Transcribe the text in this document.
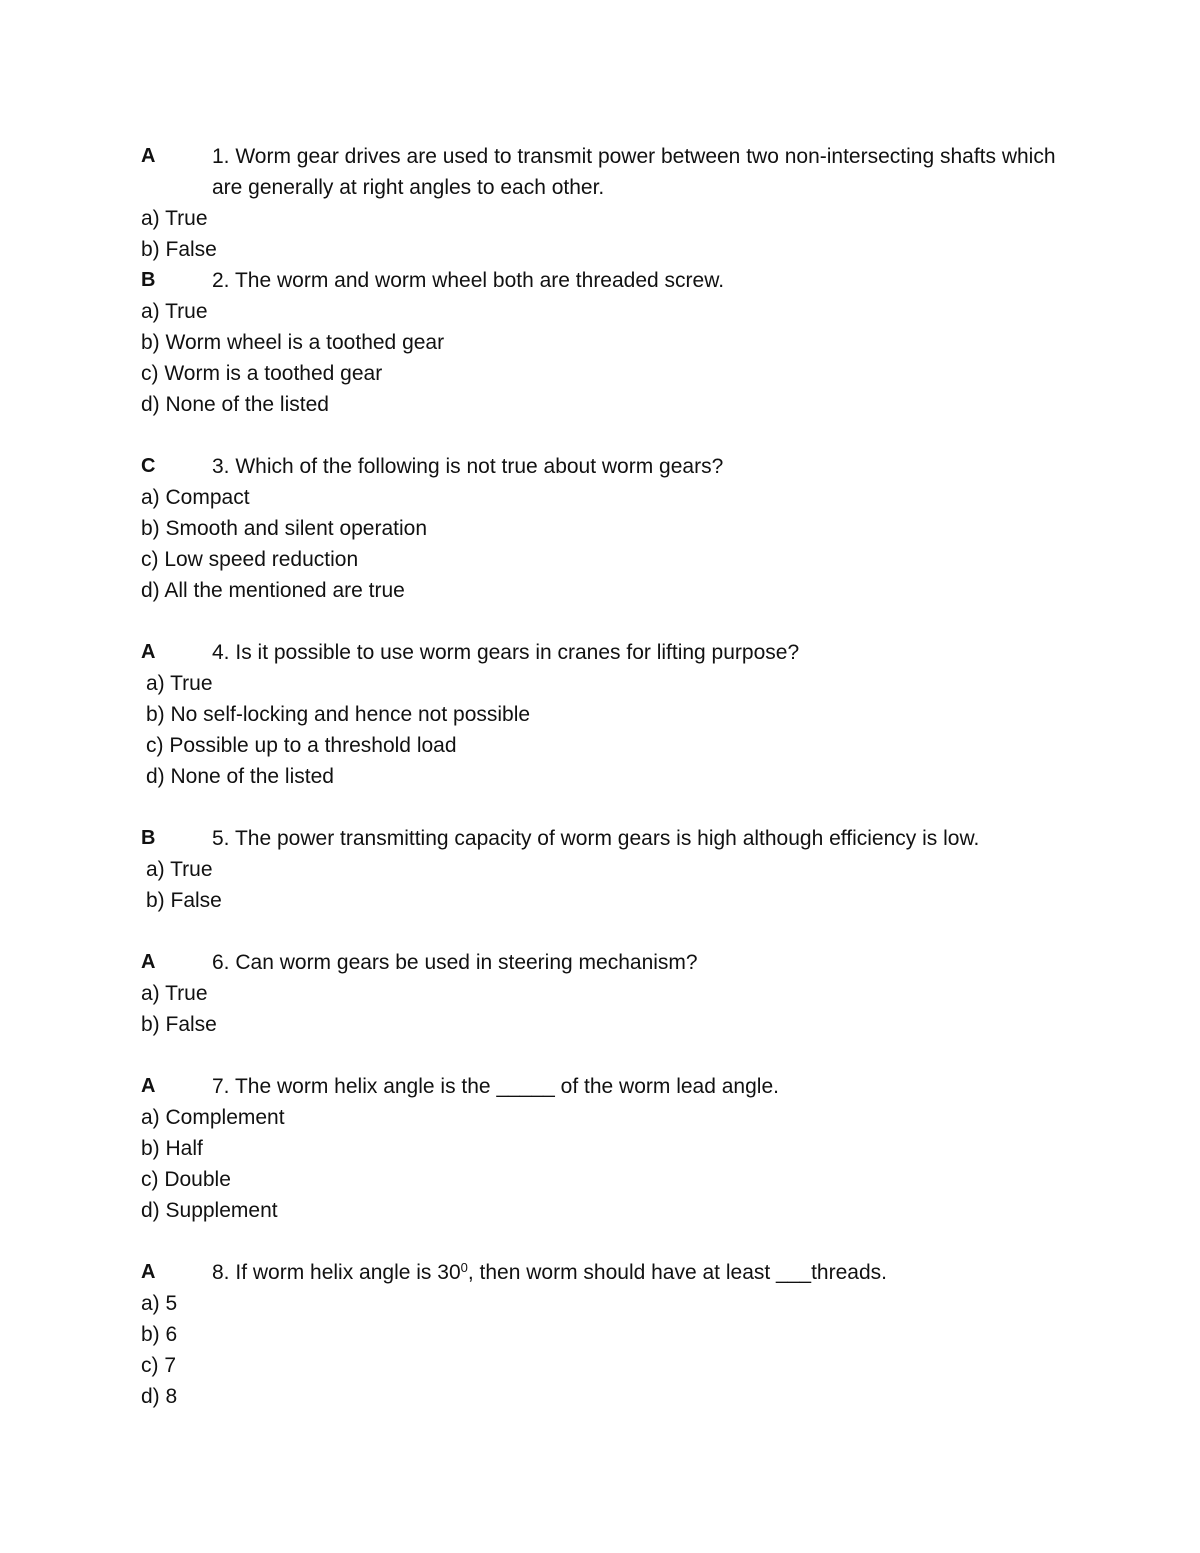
A	1. Worm gear drives are used to transmit power between two non-intersecting shafts which are generally at right angles to each other.
a) True
b) False
B	2. The worm and worm wheel both are threaded screw.
a) True
b) Worm wheel is a toothed gear
c) Worm is a toothed gear
d) None of the listed
C	3. Which of the following is not true about worm gears?
a) Compact
b) Smooth and silent operation
c) Low speed reduction
d) All the mentioned are true
A	4. Is it possible to use worm gears in cranes for lifting purpose?
a) True
b) No self-locking and hence not possible
c) Possible up to a threshold load
d) None of the listed
B	5. The power transmitting capacity of worm gears is high although efficiency is low.
a) True
b) False
A	6. Can worm gears be used in steering mechanism?
a) True
b) False
A	7. The worm helix angle is the _____ of the worm lead angle.
a) Complement
b) Half
c) Double
d) Supplement
A	8. If worm helix angle is $30^0$, then worm should have at least ___threads.
a) 5
b) 6
c) 7
d) 8
